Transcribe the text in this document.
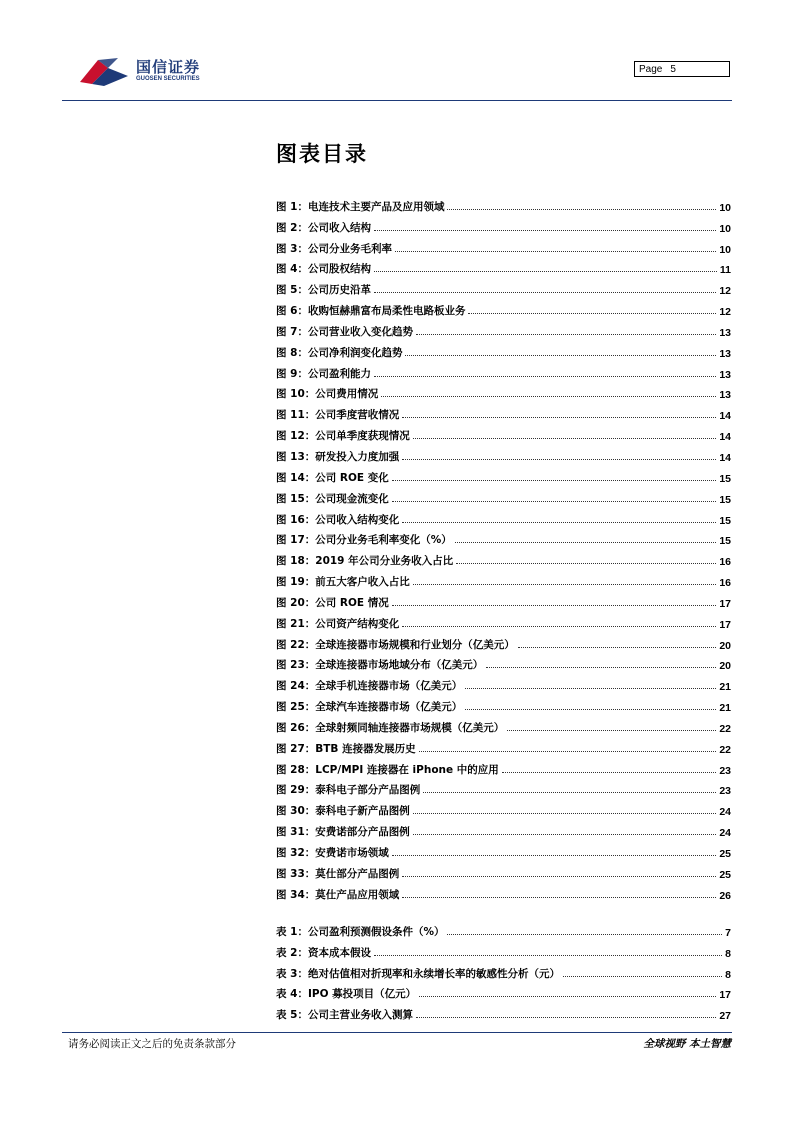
国信证券
GUOSEN SECURITIES
Page 5
图表目录
图 1：电连技术主要产品及应用领域	10
图 2：公司收入结构	10
图 3：公司分业务毛利率	10
图 4：公司股权结构	11
图 5：公司历史沿革	12
图 6：收购恒赫鼎富布局柔性电路板业务	12
图 7：公司营业收入变化趋势	13
图 8：公司净利润变化趋势	13
图 9：公司盈利能力	13
图 10：公司费用情况	13
图 11：公司季度营收情况	14
图 12：公司单季度获现情况	14
图 13：研发投入力度加强	14
图 14：公司 ROE 变化	15
图 15：公司现金流变化	15
图 16：公司收入结构变化	15
图 17：公司分业务毛利率变化（%）	15
图 18：2019 年公司分业务收入占比	16
图 19：前五大客户收入占比	16
图 20：公司 ROE 情况	17
图 21：公司资产结构变化	17
图 22：全球连接器市场规模和行业划分（亿美元）	20
图 23：全球连接器市场地域分布（亿美元）	20
图 24：全球手机连接器市场（亿美元）	21
图 25：全球汽车连接器市场（亿美元）	21
图 26：全球射频同轴连接器市场规模（亿美元）	22
图 27：BTB 连接器发展历史	22
图 28：LCP/MPI 连接器在 iPhone 中的应用	23
图 29：泰科电子部分产品图例	23
图 30：泰科电子新产品图例	24
图 31：安费诺部分产品图例	24
图 32：安费诺市场领域	25
图 33：莫仕部分产品图例	25
图 34：莫仕产品应用领域	26
表 1：公司盈利预测假设条件（%）	7
表 2：资本成本假设	8
表 3：绝对估值相对折现率和永续增长率的敏感性分析（元）	8
表 4：IPO 募投项目（亿元）	17
表 5：公司主营业务收入测算	27
请务必阅读正文之后的免责条款部分	全球视野 本土智慧
